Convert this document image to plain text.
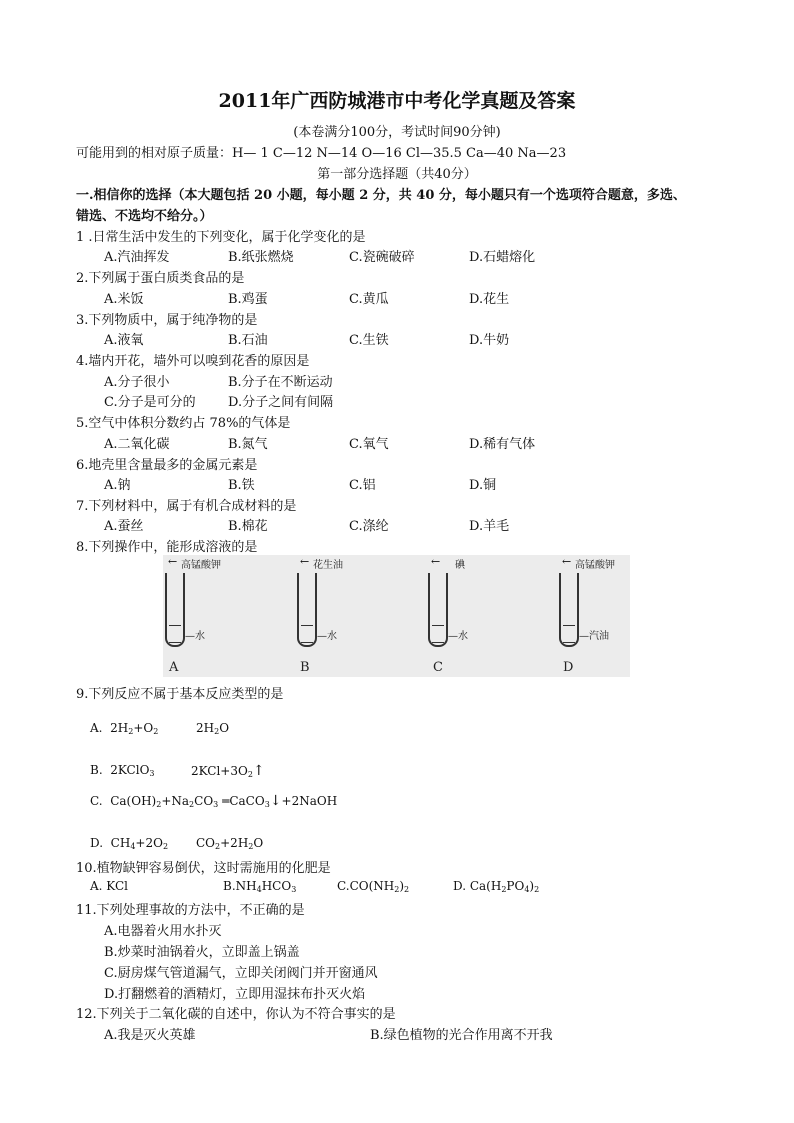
2011年广西防城港市中考化学真题及答案
(本卷满分100分，考试时间90分钟)
可能用到的相对原子质量：H— 1 C—12 N—14 O—16 Cl—35.5 Ca—40 Na—23
第一部分选择题（共40分）
一.相信你的选择（本大题包括 20 小题，每小题 2 分，共 40 分，每小题只有一个选项符合题意，多选、
错选、不选均不给分。）
1 .日常生活中发生的下列变化，属于化学变化的是
A.汽油挥发	B.纸张燃烧	C.瓷碗破碎	D.石蜡熔化
2.下列属于蛋白质类食品的是
A.米饭	B.鸡蛋	C.黄瓜	D.花生
3.下列物质中，属于纯净物的是
A.液氧	B.石油	C.生铁	D.牛奶
4.墙内开花，墙外可以嗅到花香的原因是
A.分子很小	B.分子在不断运动
C.分子是可分的 D.分子之间有间隔
5.空气中体积分数约占 78%的气体是
A.二氧化碳	B.氮气	C.氧气	D.稀有气体
6.地壳里含量最多的金属元素是
A.钠	B.铁	C.铝	D.铜
7.下列材料中，属于有机合成材料的是
A.蚕丝	B.棉花	C.涤纶	D.羊毛
8.下列操作中，能形成溶液的是
← 高锰酸钾
—水
A
← 花生油
—水
B
← 碘
—水
C
← 高锰酸钾
—汽油
D
9.下列反应不属于基本反应类型的是
A. $2H_2+O_2$	$2H_2O$
B. 2KClO$_3$	$2KCl+3O_2↑$
C. $Ca(OH)_2+Na_2CO_3$ ═CaCO$_3$↓+2NaOH
D. $CH_4+2O_2$ $CO_2+2H_2O$
10.植物缺钾容易倒伏，这时需施用的化肥是
A. KCl	$B.NH_4HCO_3$	$C.CO(NH_2)_2$	D. $Ca(H_2PO_4)_2$
11.下列处理事故的方法中，不正确的是
A.电器着火用水扑灭
B.炒菜时油锅着火，立即盖上锅盖
C.厨房煤气管道漏气，立即关闭阀门并开窗通风
D.打翻燃着的酒精灯，立即用湿抹布扑灭火焰
12.下列关于二氧化碳的自述中，你认为不符合事实的是
A.我是灭火英雄	B.绿色植物的光合作用离不开我
